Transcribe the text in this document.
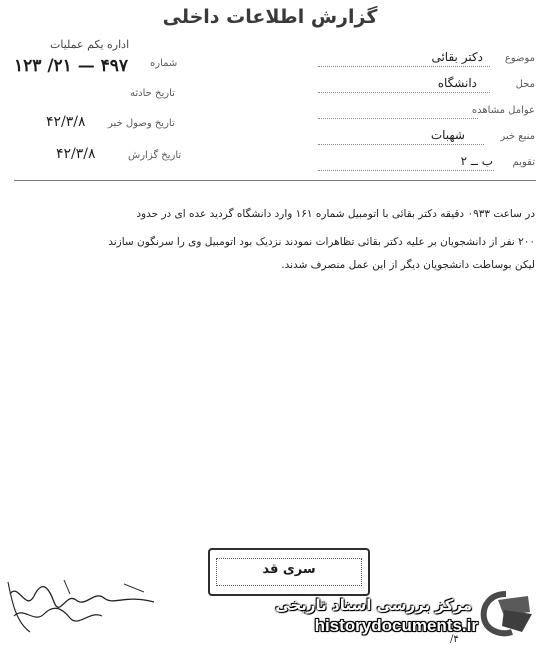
گزارش اطلاعات داخلی
موضوع
دکتر بقائی
محل
دانشگاه
عوامل مشاهده
منبع خبر
شهبات
تقویم
ب ــ ۲
اداره یکم عملیات
شماره
۴۹۷ — ۲۱/ ۱۲۳
تاریخ حادثه
تاریخ وصول خبر
۴۲/۳/۸
تاریخ گزارش
۴۲/۳/۸
در ساعت ۰۹۳۳ دقیقه دکتر بقائی با اتومبیل شماره ۱۶۱ وارد دانشگاه گردید عده ای در حدود
۲۰۰ نفر از دانشجویان بر علیه دکتر بقائی تظاهرات نمودند نزدیک بود اتومبیل وی را سرنگون سازند
لیکن بوساطت دانشجویان دیگر از این عمل منصرف شدند.
سری قد
مرکز بررسی اسناد تاریخی
historydocuments.ir
۴/
